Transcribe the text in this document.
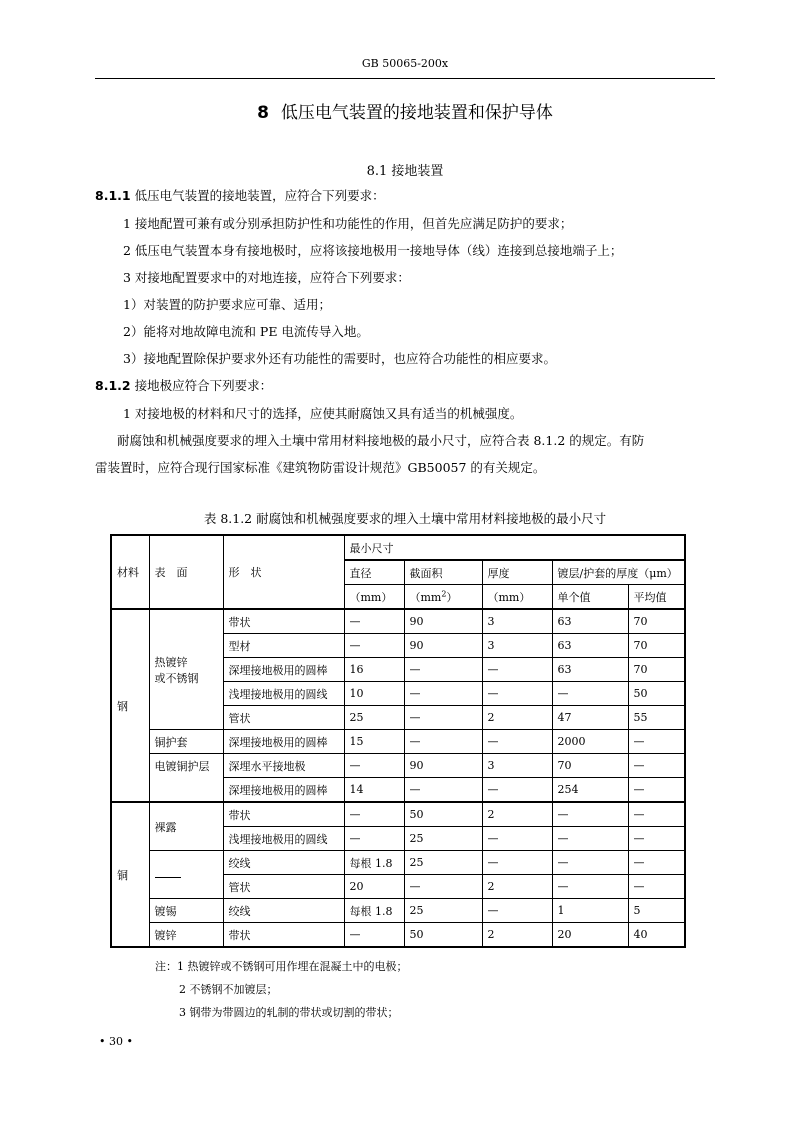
GB 50065-200x
8 低压电气装置的接地装置和保护导体
8.1 接地装置
8.1.1 低压电气装置的接地装置，应符合下列要求：
1 接地配置可兼有或分别承担防护性和功能性的作用，但首先应满足防护的要求；
2 低压电气装置本身有接地极时，应将该接地极用一接地导体（线）连接到总接地端子上；
3 对接地配置要求中的对地连接，应符合下列要求：
1）对装置的防护要求应可靠、适用；
2）能将对地故障电流和 PE 电流传导入地。
3）接地配置除保护要求外还有功能性的需要时，也应符合功能性的相应要求。
8.1.2 接地极应符合下列要求：
1 对接地极的材料和尺寸的选择，应使其耐腐蚀又具有适当的机械强度。
耐腐蚀和机械强度要求的埋入土壤中常用材料接地极的最小尺寸，应符合表 8.1.2 的规定。有防
雷装置时，应符合现行国家标准《建筑物防雷设计规范》GB50057 的有关规定。
表 8.1.2 耐腐蚀和机械强度要求的埋入土壤中常用材料接地极的最小尺寸
材料	表　面	形　状	最小尺寸				
			直径	截面积	厚度	镀层/护套的厚度（μm）	
			（mm）	$(mm^2)$	（mm）	单个值	平均值
钢	热镀锌
或不锈钢	带状	—	90	3	63	70
		型材	—	90	3	63	70
		深埋接地极用的圆棒	16	—	—	63	70
		浅埋接地极用的圆线	10	—	—	—	50
		管状	25	—	2	47	55
	铜护套	深埋接地极用的圆棒	15	—	—	2000	—
	电镀铜护层	深埋水平接地极	—	90	3	70	—
		深埋接地极用的圆棒	14	—	—	254	—
铜	裸露	带状	—	50	2	—	—
		浅埋接地极用的圆线	—	25	—	—	—
		绞线	每根 1.8	25	—	—	—
		管状	20	—	2	—	—
	镀锡	绞线	每根 1.8	25	—	1	5
	镀锌	带状	—	50	2	20	40
注：1 热镀锌或不锈钢可用作埋在混凝土中的电极；
2 不锈钢不加镀层；
3 钢带为带圆边的轧制的带状或切割的带状；
• 30 •
